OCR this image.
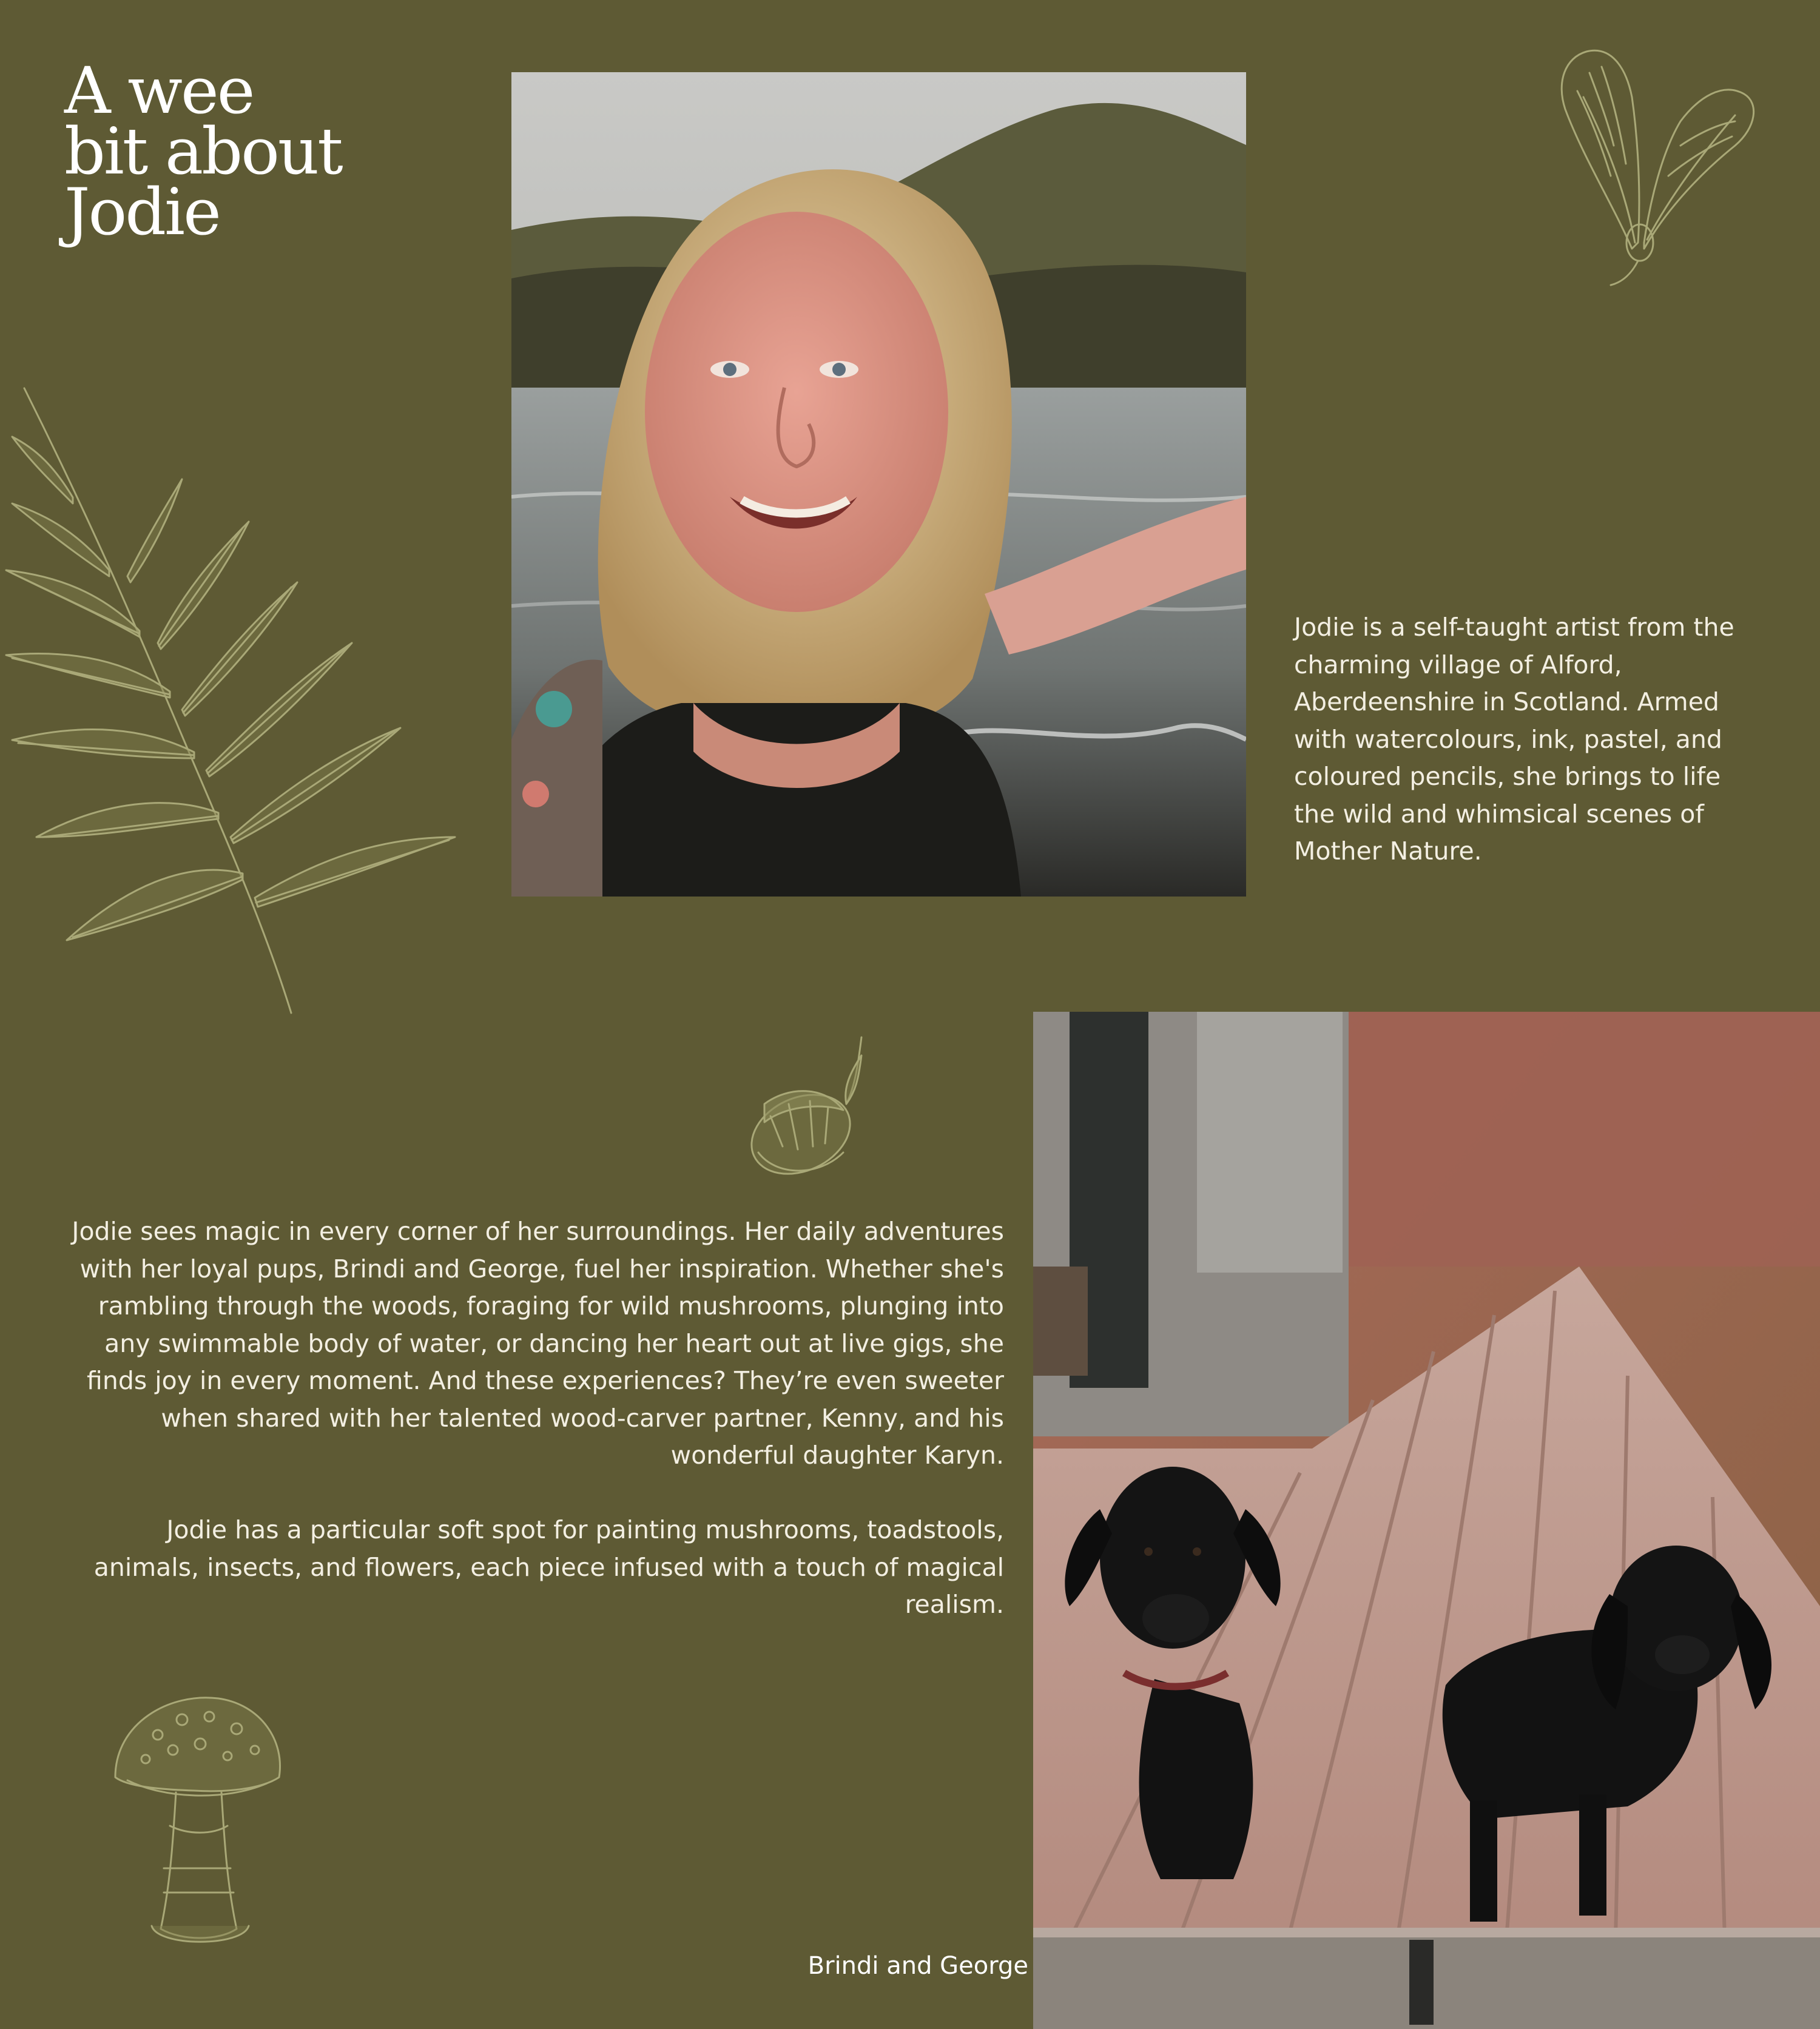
A wee
bit about
Jodie

Jodie is a self-taught artist from the charming village of Alford, Aberdeenshire in Scotland. Armed with watercolours, ink, pastel, and coloured pencils, she brings to life the wild and whimsical scenes of Mother Nature.

Jodie sees magic in every corner of her surroundings. Her daily adventures with her loyal pups, Brindi and George, fuel her inspiration. Whether she's rambling through the woods, foraging for wild mushrooms, plunging into any swimmable body of water, or dancing her heart out at live gigs, she finds joy in every moment. And these experiences? They’re even sweeter when shared with her talented wood-carver partner, Kenny, and his wonderful daughter Karyn.

Jodie has a particular soft spot for painting mushrooms, toadstools, animals, insects, and flowers, each piece infused with a touch of magical realism.

Brindi and George
